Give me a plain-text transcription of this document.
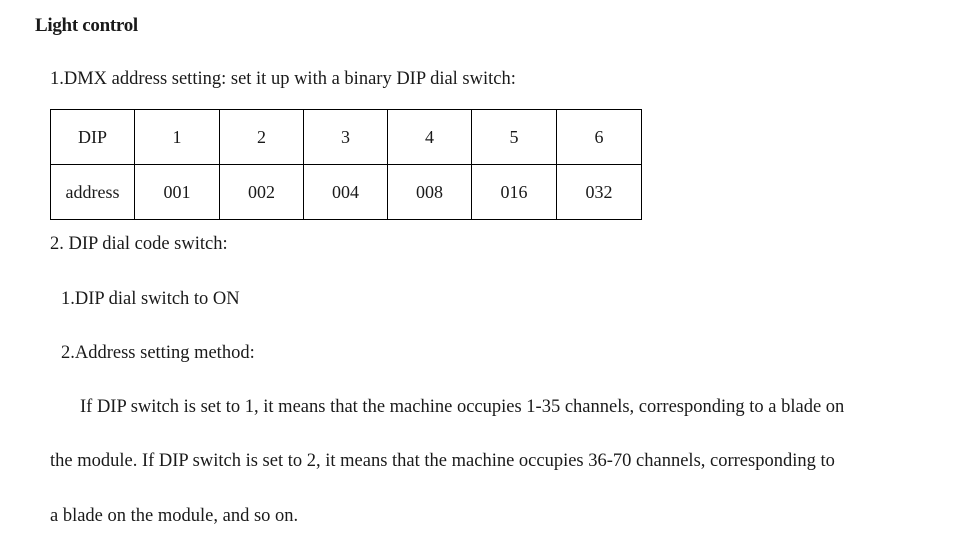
Light control
1.DMX address setting: set it up with a binary DIP dial switch:
DIP	1	2	3	4	5	6
address	001	002	004	008	016	032
2. DIP dial code switch:
1.DIP dial switch to ON
2.Address setting method:
If DIP switch is set to 1, it means that the machine occupies 1-35 channels, corresponding to a blade on
the module. If DIP switch is set to 2, it means that the machine occupies 36-70 channels, corresponding to
a blade on the module, and so on.
